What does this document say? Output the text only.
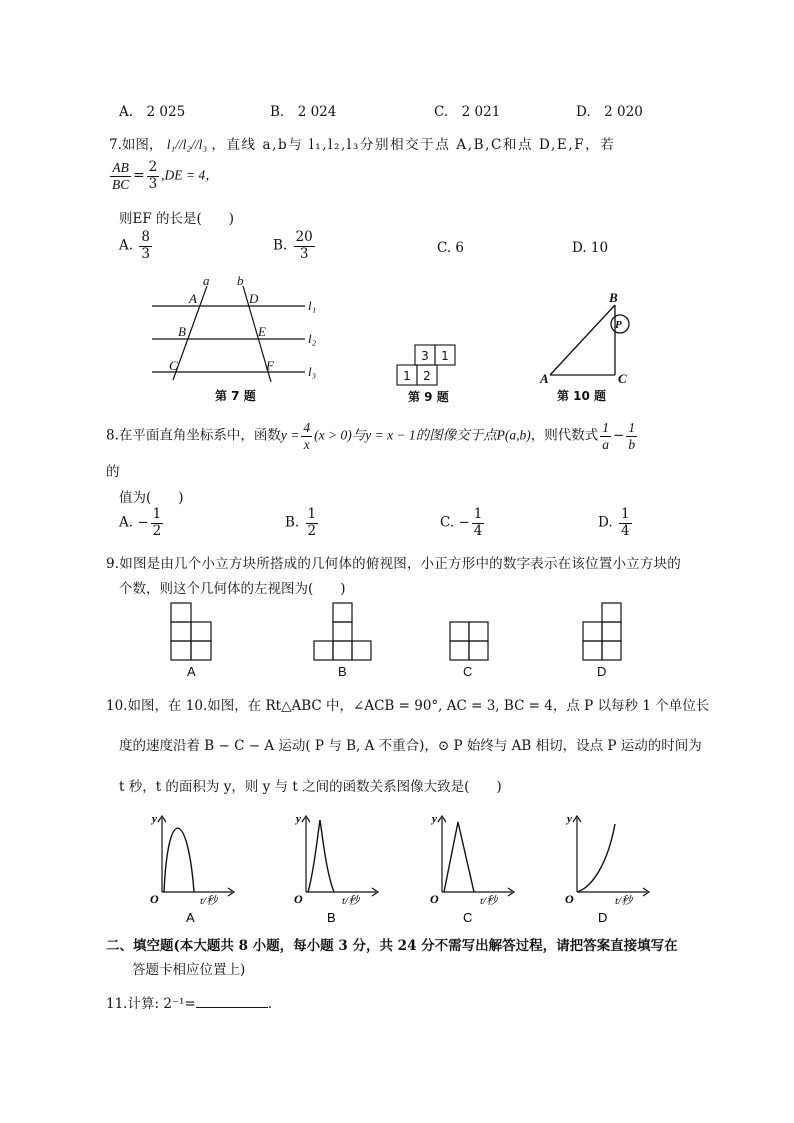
A.　2 025	B.　2 024	C.　2 021	D.　2 020
7.如图， l₁//l₂//l₃ ，直线 a,b与 l₁,l₂,l₃分别相交于点 A,B,C和点 D,E,F，若
$\frac{AB}{BC} = \frac{2}{3} ,DE = 4$，
则EF 的长是(　　)
A. $\frac{8}{3}$	B. $\frac{20}{3}$	C. 6	D. 10
a b
A	D
B	E
C	F
l₁
l₂
l₃
第 7 题
3 1
1 2
第 9 题
B
P
A	C
第 10 题
8.在平面直角坐标系中，函数$y = \frac{4}{x} (x > 0)$与y = x − 1的图像交于点P(a,b)，则代数式 $\frac{1}{a} - \frac{1}{b}$
的
值为(　　)
A. − $\frac{1}{2}$	B. $\frac{1}{2}$	C. − $\frac{1}{4}$	D. $\frac{1}{4}$
9.如图是由几个小立方块所搭成的几何体的俯视图，小正方形中的数字表示在该位置小立方块的
个数，则这个几何体的左视图为(　　)
A	B	C	D
10.如图，在 10.如图，在 Rt△ABC 中，∠ACB = 90°, AC = 3, BC = 4，点 P 以每秒 1 个单位长
度的速度沿着 B − C − A 运动( P 与 B, A 不重合)，⊙ P 始终与 AB 相切，设点 P 运动的时间为
t 秒，t 的面积为 y，则 y 与 t 之间的函数关系图像大致是(　　)
y
O	t/秒
A
y
O	t/秒
B
y
O	t/秒
C
y
O	t/秒
D
二、填空题(本大题共 8 小题，每小题 3 分，共 24 分不需写出解答过程，请把答案直接填写在
答题卡相应位置上)
11.计算: 2⁻¹=	.
